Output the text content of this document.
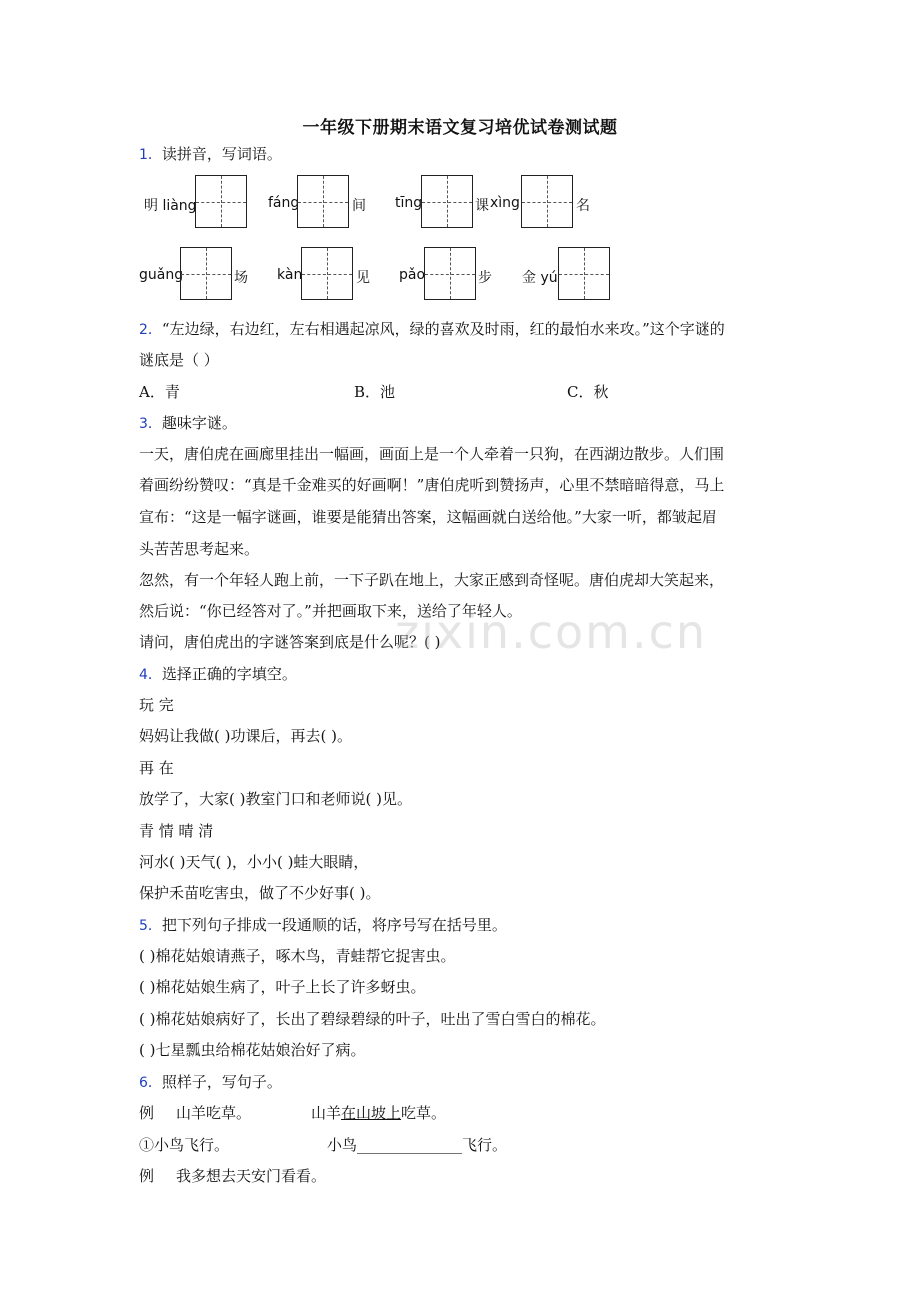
一年级下册期末语文复习培优试卷测试题
1．读拼音，写词语。
明 liàng	fáng	间 tīng	课 xìng	名
guǎng	场 kàn	见 pǎo	步 金 yú
2．“左边绿，右边红，左右相遇起凉风，绿的喜欢及时雨，红的最怕水来攻。”这个字谜的
谜底是（ ）
A．青	B．池	C．秋
3．趣味字谜。
一天，唐伯虎在画廊里挂出一幅画，画面上是一个人牵着一只狗，在西湖边散步。人们围
着画纷纷赞叹：“真是千金难买的好画啊！”唐伯虎听到赞扬声，心里不禁暗暗得意，马上
宣布：“这是一幅字谜画，谁要是能猜出答案，这幅画就白送给他。”大家一听，都皱起眉
头苦苦思考起来。
忽然，有一个年轻人跑上前，一下子趴在地上，大家正感到奇怪呢。唐伯虎却大笑起来，
然后说：“你已经答对了。”并把画取下来，送给了年轻人。
请问，唐伯虎出的字谜答案到底是什么呢？( )
zixin.com.cn
4．选择正确的字填空。
玩 完
妈妈让我做( )功课后，再去( )。
再 在
放学了，大家( )教室门口和老师说( )见。
青 情 晴 清
河水( )天气( )，小小( )蛙大眼睛，
保护禾苗吃害虫，做了不少好事( )。
5．把下列句子排成一段通顺的话，将序号写在括号里。
( )棉花姑娘请燕子，啄木鸟，青蛙帮它捉害虫。
( )棉花姑娘生病了，叶子上长了许多蚜虫。
( )棉花姑娘病好了，长出了碧绿碧绿的叶子，吐出了雪白雪白的棉花。
( )七星瓢虫给棉花姑娘治好了病。
6．照样子，写句子。
例 山羊吃草。	山羊在山坡上吃草。
①小鸟飞行。	小鸟______________飞行。
例 我多想去天安门看看。
